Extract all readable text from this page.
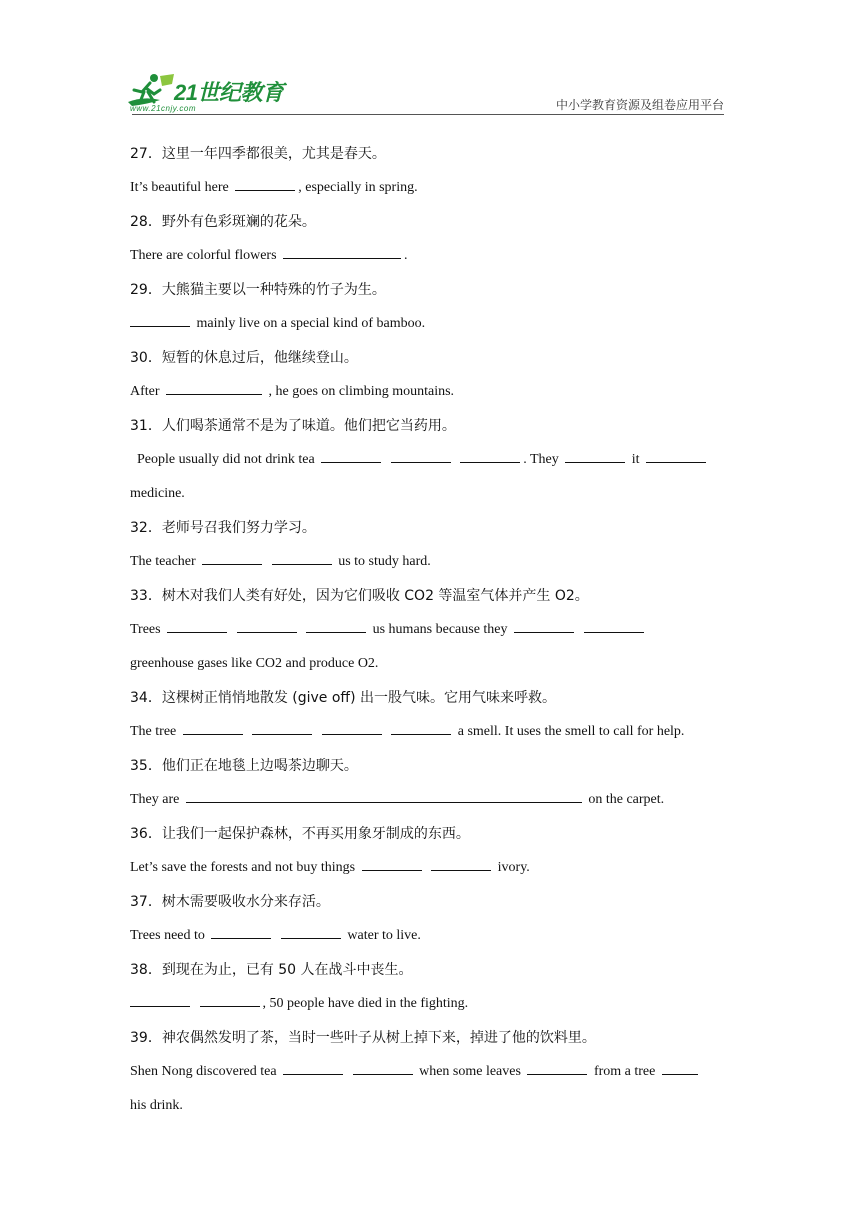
21世纪教育
www.21cnjy.com	中小学教育资源及组卷应用平台
27．这里一年四季都很美，尤其是春天。
It’s beautiful here	, especially in spring.
28．野外有色彩斑斓的花朵。
There are colorful flowers	.
29．大熊猫主要以一种特殊的竹子为生。
mainly live on a special kind of bamboo.
30．短暂的休息过后，他继续登山。
After	, he goes on climbing mountains.
31．人们喝茶通常不是为了味道。他们把它当药用。
People usually did not drink tea	. They	it
medicine.
32．老师号召我们努力学习。
The teacher	us to study hard.
33．树木对我们人类有好处，因为它们吸收 CO2 等温室气体并产生 O2。
Trees	us humans because they
greenhouse gases like CO2 and produce O2.
34．这棵树正悄悄地散发 (give off) 出一股气味。它用气味来呼救。
The tree	a smell. It uses the smell to call for help.
35．他们正在地毯上边喝茶边聊天。
They are	on the carpet.
36．让我们一起保护森林，不再买用象牙制成的东西。
Let’s save the forests and not buy things	ivory.
37．树木需要吸收水分来存活。
Trees need to	water to live.
38．到现在为止，已有 50 人在战斗中丧生。
, 50 people have died in the fighting.
39．神农偶然发明了茶，当时一些叶子从树上掉下来，掉进了他的饮料里。
Shen Nong discovered tea	when some leaves	from a tree
his drink.
